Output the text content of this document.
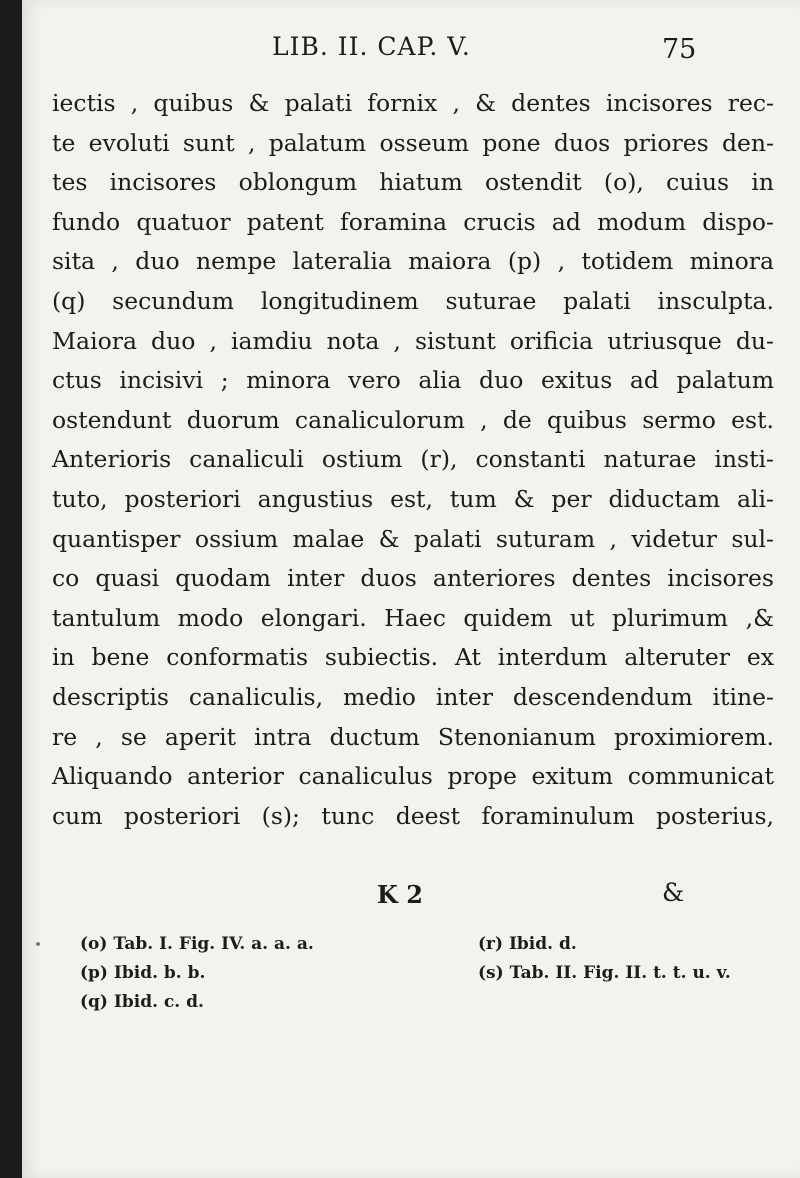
LIB. II. CAP. V.	75
iectis , quibus & palati fornix , & dentes incisores rec-
te evoluti sunt , palatum osseum pone duos priores den-
tes incisores oblongum hiatum ostendit (o), cuius in
fundo quatuor patent foramina crucis ad modum dispo-
sita , duo nempe lateralia maiora (p) , totidem minora
(q) secundum longitudinem suturae palati insculpta.
Maiora duo , iamdiu nota , sistunt orificia utriusque du-
ctus incisivi ; minora vero alia duo exitus ad palatum
ostendunt duorum canaliculorum , de quibus sermo est.
Anterioris canaliculi ostium (r), constanti naturae insti-
tuto, posteriori angustius est, tum & per diductam ali-
quantisper ossium malae & palati suturam , videtur sul-
co quasi quodam inter duos anteriores dentes incisores
tantulum modo elongari. Haec quidem ut plurimum ,&
in bene conformatis subiectis. At interdum alteruter ex
descriptis canaliculis, medio inter descendendum itine-
re , se aperit intra ductum Stenonianum proximiorem.
Aliquando anterior canaliculus prope exitum communicat
cum posteriori (s); tunc deest foraminulum posterius,
K 2	&
(o) Tab. I. Fig. IV. a. a. a.
(p) Ibid. b. b.
(q) Ibid. c. d.
(r) Ibid. d.
(s) Tab. II. Fig. II. t. t. u. v.
